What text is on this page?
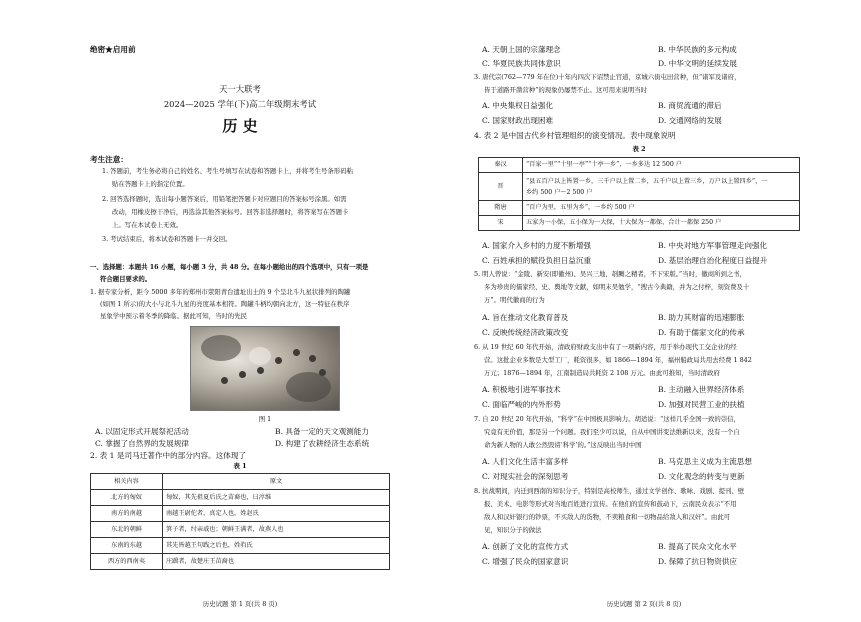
绝密★启用前
天一大联考
2024—2025 学年(下)高二年级期末考试
历 史
考生注意：
1. 答题前，考生务必将自己的姓名、考生号填写在试卷和答题卡上，并将考生号条形码粘
贴在答题卡上的指定位置。
2. 回答选择题时，选出每小题答案后，用铅笔把答题卡对应题目的答案标号涂黑。如需
改动，用橡皮擦干净后，再选涂其他答案标号。回答非选择题时，将答案写在答题卡
上。写在本试卷上无效。
3. 考试结束后，将本试卷和答题卡一并交回。
一、选择题：本题共 16 小题，每小题 3 分，共 48 分。在每小题给出的四个选项中，只有一项是
符合题目要求的。
1. 据专家分析，距今 5000 多年的郑州市荥阳青台遗址出土的 9 个呈北斗九星状排列的陶罐
(如图 1 所示)的大小与北斗九星的亮度基本相符。陶罐斗柄均朝向北方，这一特征在秩序
星象学中预示着冬季的降临。据此可知，当时的先民
图 1
A. 以固定形式开展祭祀活动	B. 具备一定的天文观测能力
C. 掌握了自然界的发展规律	D. 构建了农耕经济生态系统
2. 表 1 是司马迁著作中的部分内容。这体现了
表 1
相关内容	原文
北方的匈奴	匈奴，其先祖夏后氏之苗裔也，曰淳维
南方的南越	南越王尉佗者，真定人也，姓赵氏
东北的朝鲜	箕子者，纣亲戚也；朝鲜王满者，故燕人也
东南的东越	其先皆越王句践之后也，姓驺氏
西方的西南夷	庄蹻者，故楚庄王苗裔也
历史试题 第 1 页(共 8 页)
A. 天朝上国的宗藩理念	B. 中华民族的多元构成
C. 华夏民族共同体意识	D. 中华文明的延续发展
3. 唐代宗(762—779 年在位)十年内四次下诏禁止官道，京城六街屯田营种，但“诸军及诸府，
皆于道路开凿营种”的现象仍屡禁不止。这可用来说明当时
A. 中央集权日益强化	B. 商贸流通的滞后
C. 国家财政出现困难	D. 交通网络的发展
4. 表 2 是中国古代乡村管理组织的演变情况。表中现象说明
表 2
秦汉	“百家一里”“十里一亭”“十亭一乡”，一乡多达 12 500 户
晋	“县五百户以上皆置一乡，三千户以上置二乡，五千户以上置三乡，万户以上置四乡”，一
乡约 500 户～2 500 户

隋唐	“百户为里，五里为乡”，一乡约 500 户
宋	五家为一小保，五小保为一大保，十大保为一都保，合计一都保 250 户
A. 国家介入乡村的力度不断增强	B. 中央对地方军事管理走向强化
C. 百姓承担的赋役负担日益沉重	D. 基层治理自治化程度日益提升
5. 明人曾说：“金陵、新安(即徽州)、吴兴三地，剞劂之精者，不下宋版。”当时，徽商所到之书，
多为珍贵的儒家经、史、舆地等文献，如明末吴勉学，“搜古今典籍，并为之付梓，刻资费及十
万”。明代徽商的行为
A. 旨在推动文化教育普及	B. 助力其财富的迅速膨胀
C. 反映传统经济政策改变	D. 有助于儒家文化的传承
6. 从 19 世纪 60 年代开始，清政府财政支出中有了一项新内容，用于举办现代工交企业的经
营。这批企业多数是大型工厂，耗资很多，如 1866—1894 年，福州船政局共用去经费 1 842
万元；1876—1894 年，江南制造局共耗资 2 108 万元。由此可推知，当时清政府
A. 积极地引进军事技术	B. 主动融入世界经济体系
C. 面临严峻的内外形势	D. 加强对民营工业的扶植
7. 自 20 世纪 20 年代开始，“科学”在中国极具影响力。胡适说：“这样几乎全国一致的崇信，
究竟有无价值，那是另一个问题。我们至少可以说，自从中国讲变法维新以来，没有一个自
命为新人物的人敢公然毁谤‘科学’的。”这反映出当时中国
A. 人们文化生活丰富多样	B. 马克思主义成为主流思想
C. 对现实社会的深刻思考	D. 文化观念的转变与更新
8. 抗战期间，内迁到西南的知识分子，特别是高校师生，通过文学创作、歌咏、戏剧、提刊、壁
报、美术、电影等形式对当地百姓进行宣传。在他们的宣传和鼓动下，云南民众表示“不用
敌人和汉奸银行的钞票，不买敌人的货物，不卖粮食和一切物品给敌人和汉奸”。由此可
见，知识分子的做法
A. 创新了文化的宣传方式	B. 提高了民众文化水平
C. 增强了民众的国家意识	D. 保障了抗日物资供应
历史试题 第 2 页(共 8 页)
